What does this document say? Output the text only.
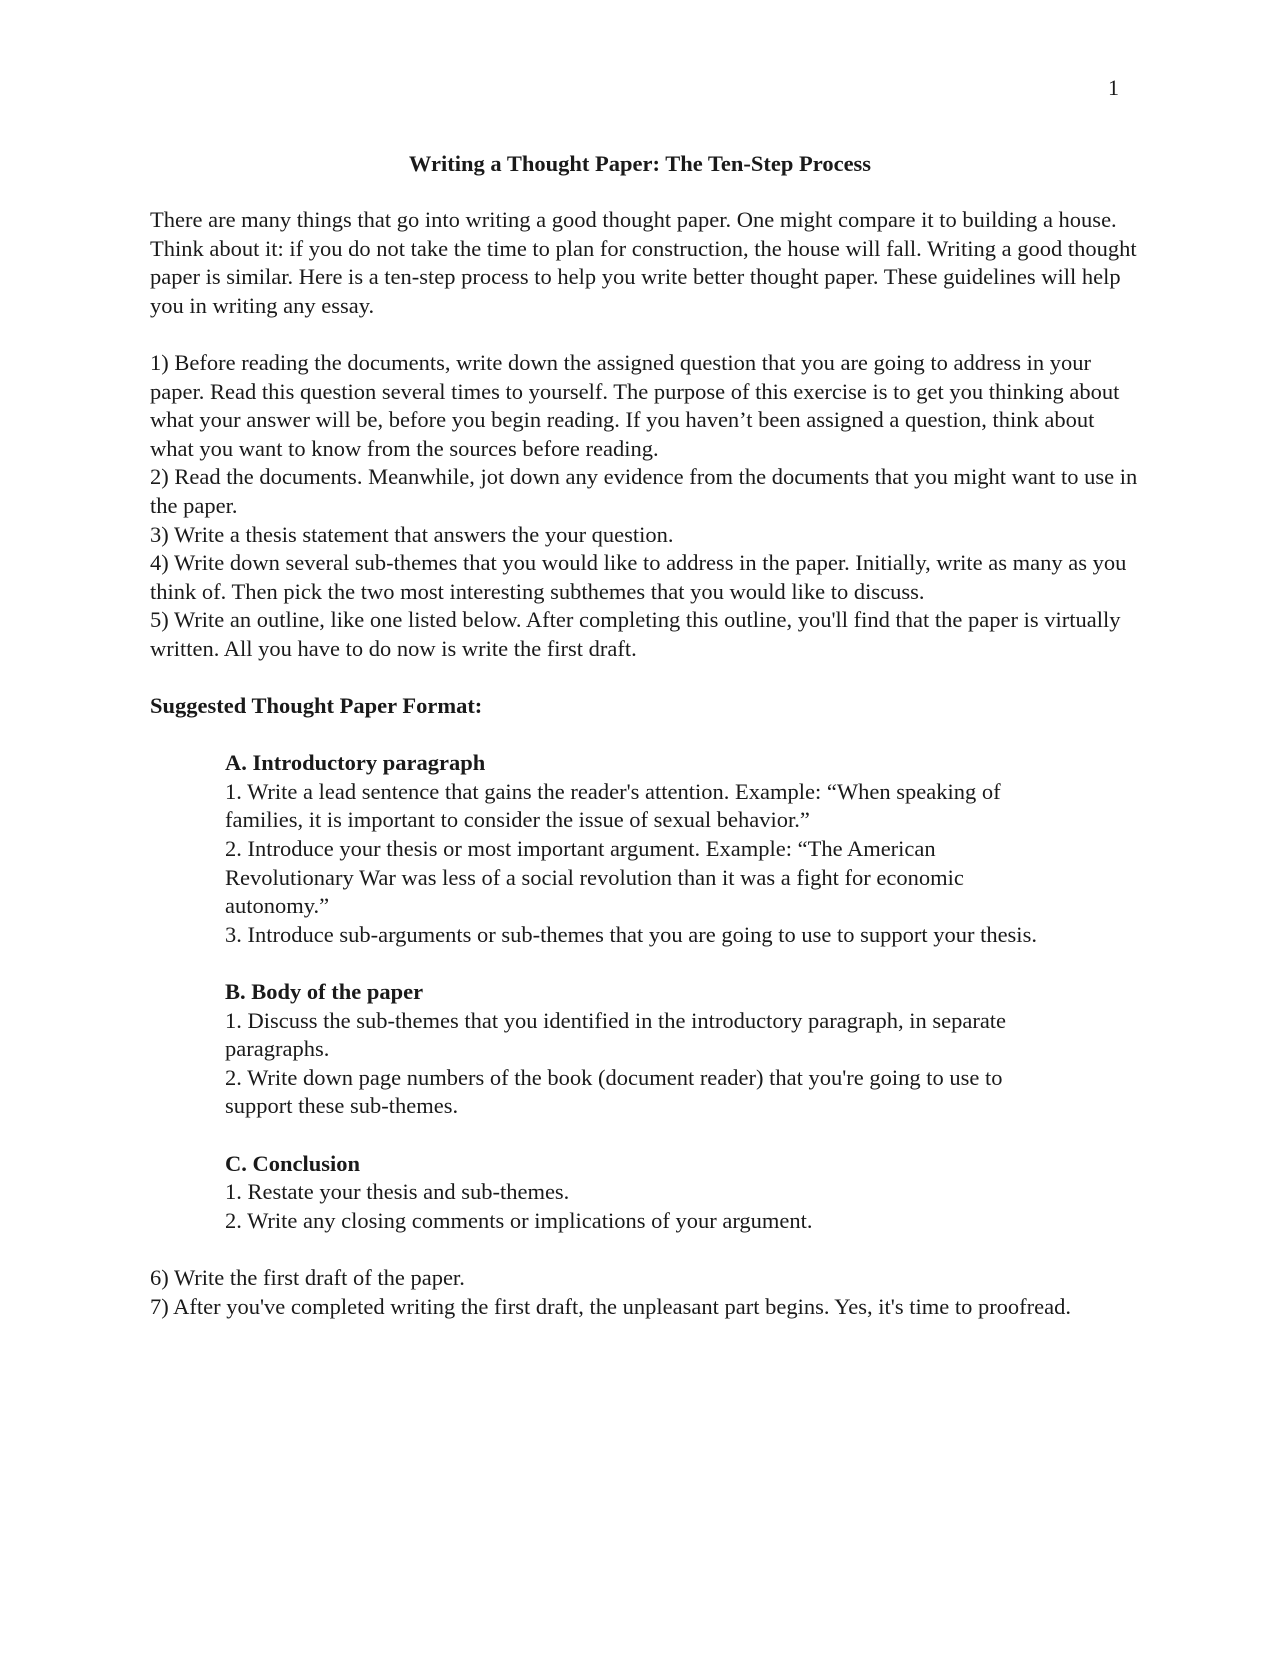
1
Writing a Thought Paper: The Ten-Step Process

There are many things that go into writing a good thought paper. One might compare it to building a house. Think about it: if you do not take the time to plan for construction, the house will fall. Writing a good thought paper is similar. Here is a ten-step process to help you write better thought paper. These guidelines will help you in writing any essay.

1) Before reading the documents, write down the assigned question that you are going to address in your paper. Read this question several times to yourself. The purpose of this exercise is to get you thinking about what your answer will be, before you begin reading. If you haven’t been assigned a question, think about what you want to know from the sources before reading.

2) Read the documents. Meanwhile, jot down any evidence from the documents that you might want to use in the paper.

3) Write a thesis statement that answers the your question.

4) Write down several sub-themes that you would like to address in the paper. Initially, write as many as you think of. Then pick the two most interesting subthemes that you would like to discuss.

5) Write an outline, like one listed below. After completing this outline, you'll find that the paper is virtually written. All you have to do now is write the first draft.

Suggested Thought Paper Format:

A. Introductory paragraph

1. Write a lead sentence that gains the reader's attention. Example: “When speaking of families, it is important to consider the issue of sexual behavior.”

2. Introduce your thesis or most important argument. Example: “The American Revolutionary War was less of a social revolution than it was a fight for economic autonomy.”

3. Introduce sub-arguments or sub-themes that you are going to use to support your thesis.

B. Body of the paper

1. Discuss the sub-themes that you identified in the introductory paragraph, in separate paragraphs.

2. Write down page numbers of the book (document reader) that you're going to use to support these sub-themes.

C. Conclusion

1. Restate your thesis and sub-themes.

2. Write any closing comments or implications of your argument.

6) Write the first draft of the paper.

7) After you've completed writing the first draft, the unpleasant part begins. Yes, it's time to proofread.
